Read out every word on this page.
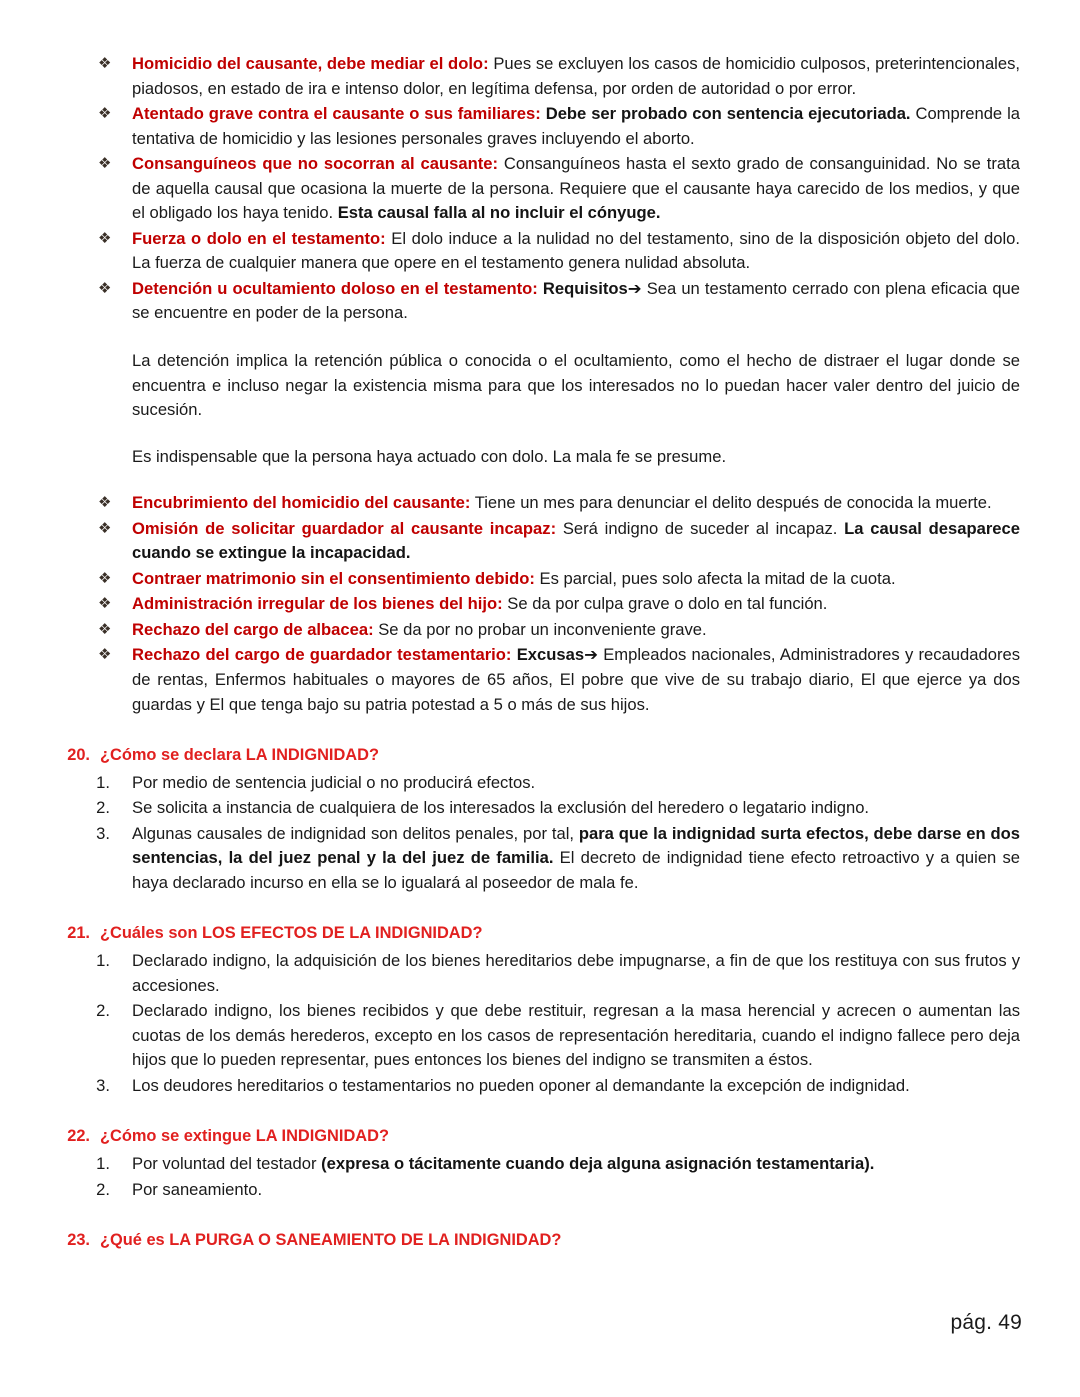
❖ Homicidio del causante, debe mediar el dolo: Pues se excluyen los casos de homicidio culposos, preterintencionales, piadosos, en estado de ira e intenso dolor, en legítima defensa, por orden de autoridad o por error.
❖ Atentado grave contra el causante o sus familiares: Debe ser probado con sentencia ejecutoriada. Comprende la tentativa de homicidio y las lesiones personales graves incluyendo el aborto.
❖ Consanguíneos que no socorran al causante: Consanguíneos hasta el sexto grado de consanguinidad. No se trata de aquella causal que ocasiona la muerte de la persona. Requiere que el causante haya carecido de los medios, y que el obligado los haya tenido. Esta causal falla al no incluir el cónyuge.
❖ Fuerza o dolo en el testamento: El dolo induce a la nulidad no del testamento, sino de la disposición objeto del dolo. La fuerza de cualquier manera que opere en el testamento genera nulidad absoluta.
❖ Detención u ocultamiento doloso en el testamento: Requisitos➔ Sea un testamento cerrado con plena eficacia que se encuentre en poder de la persona.

La detención implica la retención pública o conocida o el ocultamiento, como el hecho de distraer el lugar donde se encuentra e incluso negar la existencia misma para que los interesados no lo puedan hacer valer dentro del juicio de sucesión.

Es indispensable que la persona haya actuado con dolo. La mala fe se presume.

❖ Encubrimiento del homicidio del causante: Tiene un mes para denunciar el delito después de conocida la muerte.
❖ Omisión de solicitar guardador al causante incapaz: Será indigno de suceder al incapaz. La causal desaparece cuando se extingue la incapacidad.
❖ Contraer matrimonio sin el consentimiento debido: Es parcial, pues solo afecta la mitad de la cuota.
❖ Administración irregular de los bienes del hijo: Se da por culpa grave o dolo en tal función.
❖ Rechazo del cargo de albacea: Se da por no probar un inconveniente grave.
❖ Rechazo del cargo de guardador testamentario: Excusas➔ Empleados nacionales, Administradores y recaudadores de rentas, Enfermos habituales o mayores de 65 años, El pobre que vive de su trabajo diario, El que ejerce ya dos guardas y El que tenga bajo su patria potestad a 5 o más de sus hijos.
20. ¿Cómo se declara LA INDIGNIDAD?
1. Por medio de sentencia judicial o no producirá efectos.
2. Se solicita a instancia de cualquiera de los interesados la exclusión del heredero o legatario indigno.
3. Algunas causales de indignidad son delitos penales, por tal, para que la indignidad surta efectos, debe darse en dos sentencias, la del juez penal y la del juez de familia. El decreto de indignidad tiene efecto retroactivo y a quien se haya declarado incurso en ella se lo igualará al poseedor de mala fe.
21. ¿Cuáles son LOS EFECTOS DE LA INDIGNIDAD?
1. Declarado indigno, la adquisición de los bienes hereditarios debe impugnarse, a fin de que los restituya con sus frutos y accesiones.
2. Declarado indigno, los bienes recibidos y que debe restituir, regresan a la masa herencial y acrecen o aumentan las cuotas de los demás herederos, excepto en los casos de representación hereditaria, cuando el indigno fallece pero deja hijos que lo pueden representar, pues entonces los bienes del indigno se transmiten a éstos.
3. Los deudores hereditarios o testamentarios no pueden oponer al demandante la excepción de indignidad.
22. ¿Cómo se extingue LA INDIGNIDAD?
1. Por voluntad del testador (expresa o tácitamente cuando deja alguna asignación testamentaria).
2. Por saneamiento.
23. ¿Qué es LA PURGA O SANEAMIENTO DE LA INDIGNIDAD?
pág. 49
